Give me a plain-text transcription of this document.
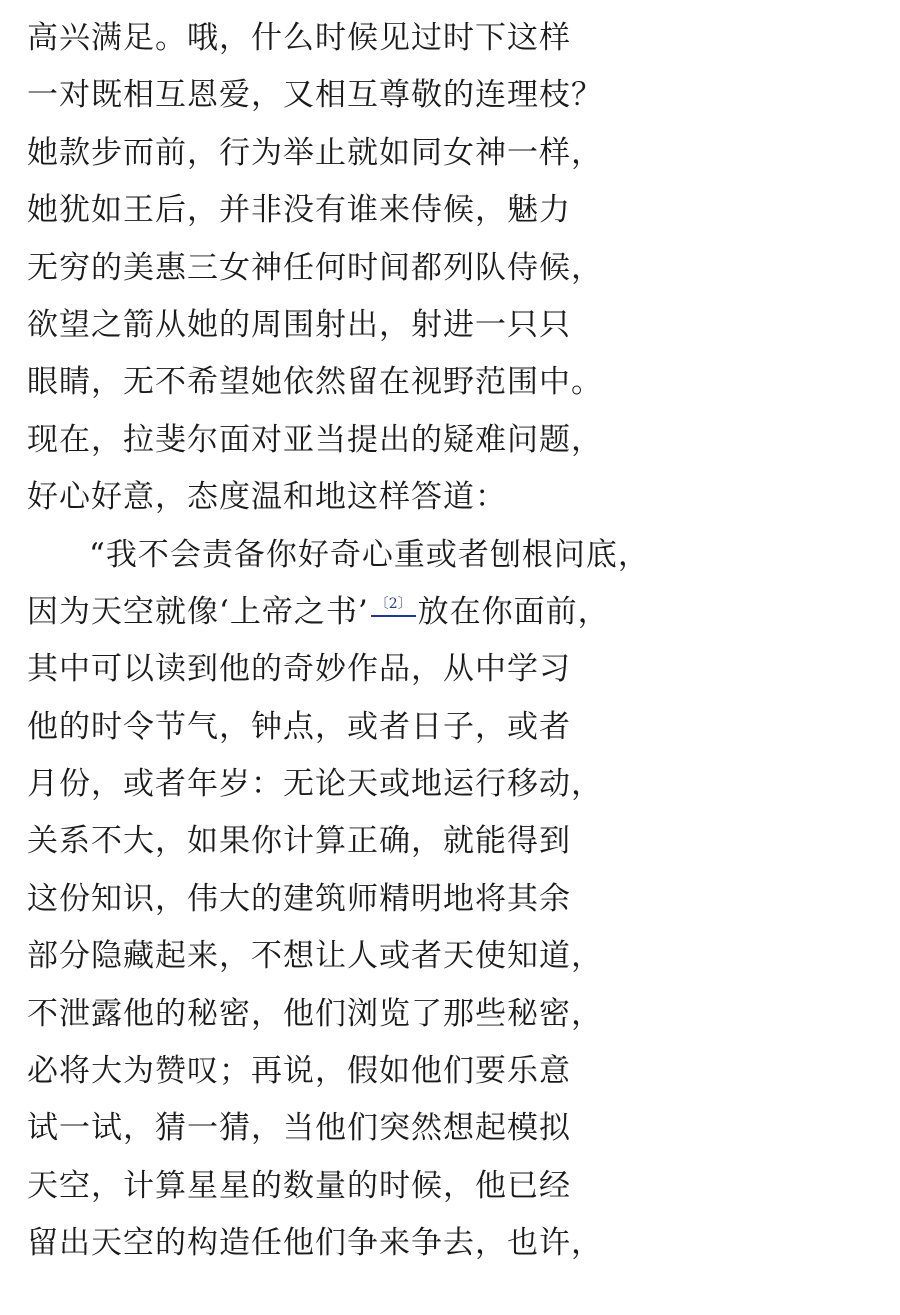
高兴满足。哦，什么时候见过时下这样
一对既相互恩爱，又相互尊敬的连理枝？
她款步而前，行为举止就如同女神一样，
她犹如王后，并非没有谁来侍候，魅力
无穷的美惠三女神任何时间都列队侍候，
欲望之箭从她的周围射出，射进一只只
眼睛，无不希望她依然留在视野范围中。
现在，拉斐尔面对亚当提出的疑难问题，
好心好意，态度温和地这样答道：
“我不会责备你好奇心重或者刨根问底，
因为天空就像‘上帝之书’ 〔2〕 放在你面前，
其中可以读到他的奇妙作品，从中学习
他的时令节气，钟点，或者日子，或者
月份，或者年岁：无论天或地运行移动，
关系不大，如果你计算正确，就能得到
这份知识，伟大的建筑师精明地将其余
部分隐藏起来，不想让人或者天使知道，
不泄露他的秘密，他们浏览了那些秘密，
必将大为赞叹；再说，假如他们要乐意
试一试，猜一猜，当他们突然想起模拟
天空，计算星星的数量的时候，他已经
留出天空的构造任他们争来争去，也许，
